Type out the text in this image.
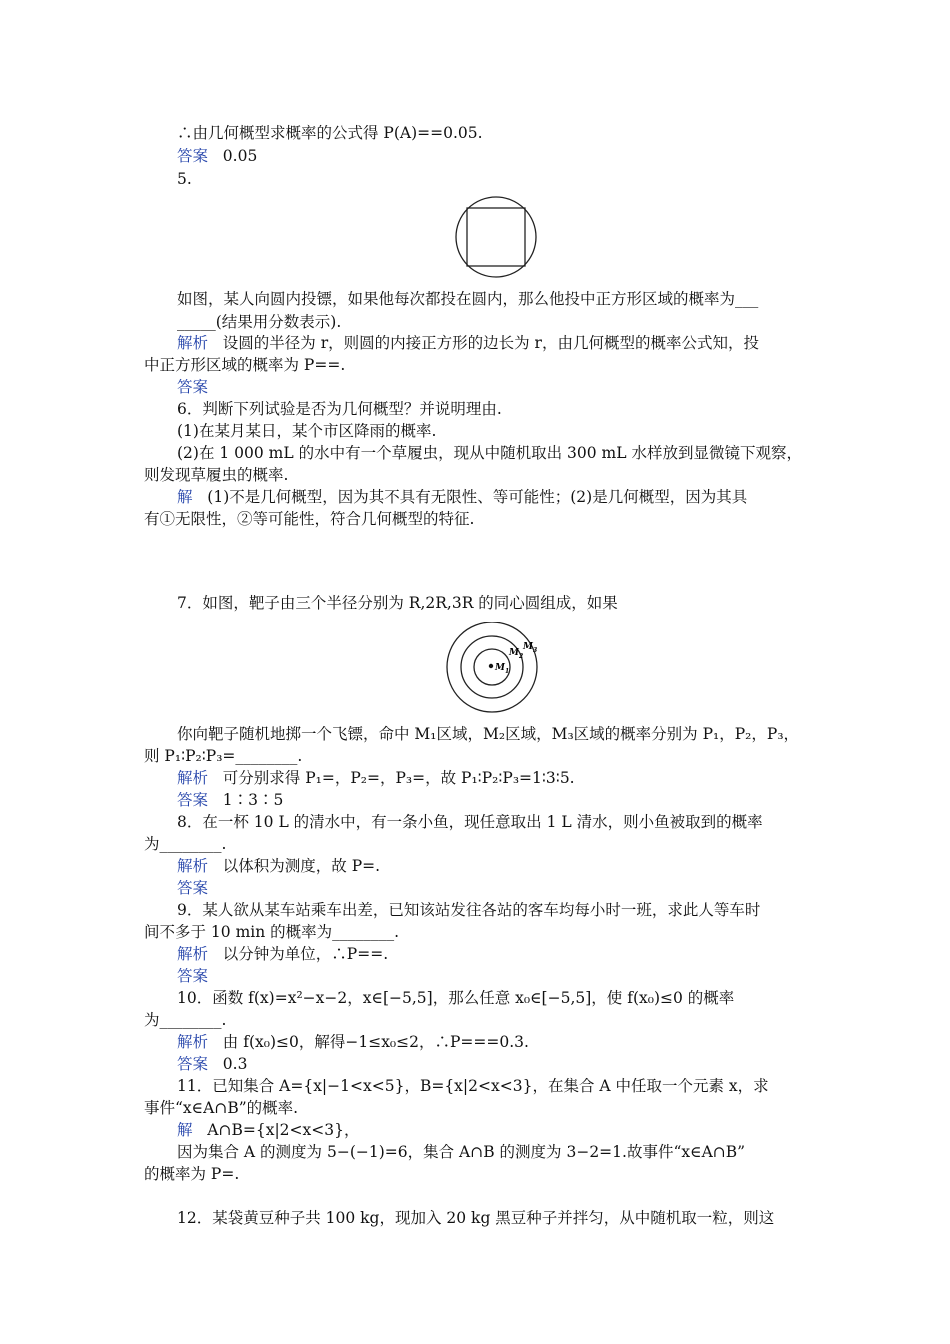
∴由几何概型求概率的公式得 P(A)==0.05.
答案 0.05
5.
如图，某人向圆内投镖，如果他每次都投在圆内，那么他投中正方形区域的概率为___
_____(结果用分数表示).
解析 设圆的半径为 r，则圆的内接正方形的边长为 r，由几何概型的概率公式知，投
中正方形区域的概率为 P==.
答案
6．判断下列试验是否为几何概型？并说明理由.
(1)在某月某日，某个市区降雨的概率.
(2)在 1 000 mL 的水中有一个草履虫，现从中随机取出 300 mL 水样放到显微镜下观察，
则发现草履虫的概率.
解 (1)不是几何概型，因为其不具有无限性、等可能性；(2)是几何概型，因为其具
有①无限性，②等可能性，符合几何概型的特征.
7．如图，靶子由三个半径分别为 R,2R,3R 的同心圆组成，如果
$M_1$
$M_2$
$M_3$
你向靶子随机地掷一个飞镖，命中 M₁区域，M₂区域，M₃区域的概率分别为 P₁，P₂，P₃，
则 P₁∶P₂∶P₃=________.
解析 可分别求得 P₁=，P₂=，P₃=，故 P₁∶P₂∶P₃=1∶3∶5.
答案 1∶3∶5
8．在一杯 10 L 的清水中，有一条小鱼，现任意取出 1 L 清水，则小鱼被取到的概率
为________.
解析 以体积为测度，故 P=.
答案
9．某人欲从某车站乘车出差，已知该站发往各站的客车均每小时一班，求此人等车时
间不多于 10 min 的概率为________.
解析 以分钟为单位，∴P==.
答案
10．函数 f(x)=x²−x−2，x∈[−5,5]，那么任意 x₀∈[−5,5]，使 f(x₀)≤0 的概率
为________.
解析 由 f(x₀)≤0，解得−1≤x₀≤2，∴P===0.3.
答案 0.3
11．已知集合 A={x|−1<x<5}，B={x|2<x<3}，在集合 A 中任取一个元素 x，求
事件“x∈A∩B”的概率.
解 A∩B={x|2<x<3}，
因为集合 A 的测度为 5−(−1)=6，集合 A∩B 的测度为 3−2=1.故事件“x∈A∩B”
的概率为 P=.
12．某袋黄豆种子共 100 kg，现加入 20 kg 黑豆种子并拌匀，从中随机取一粒，则这
